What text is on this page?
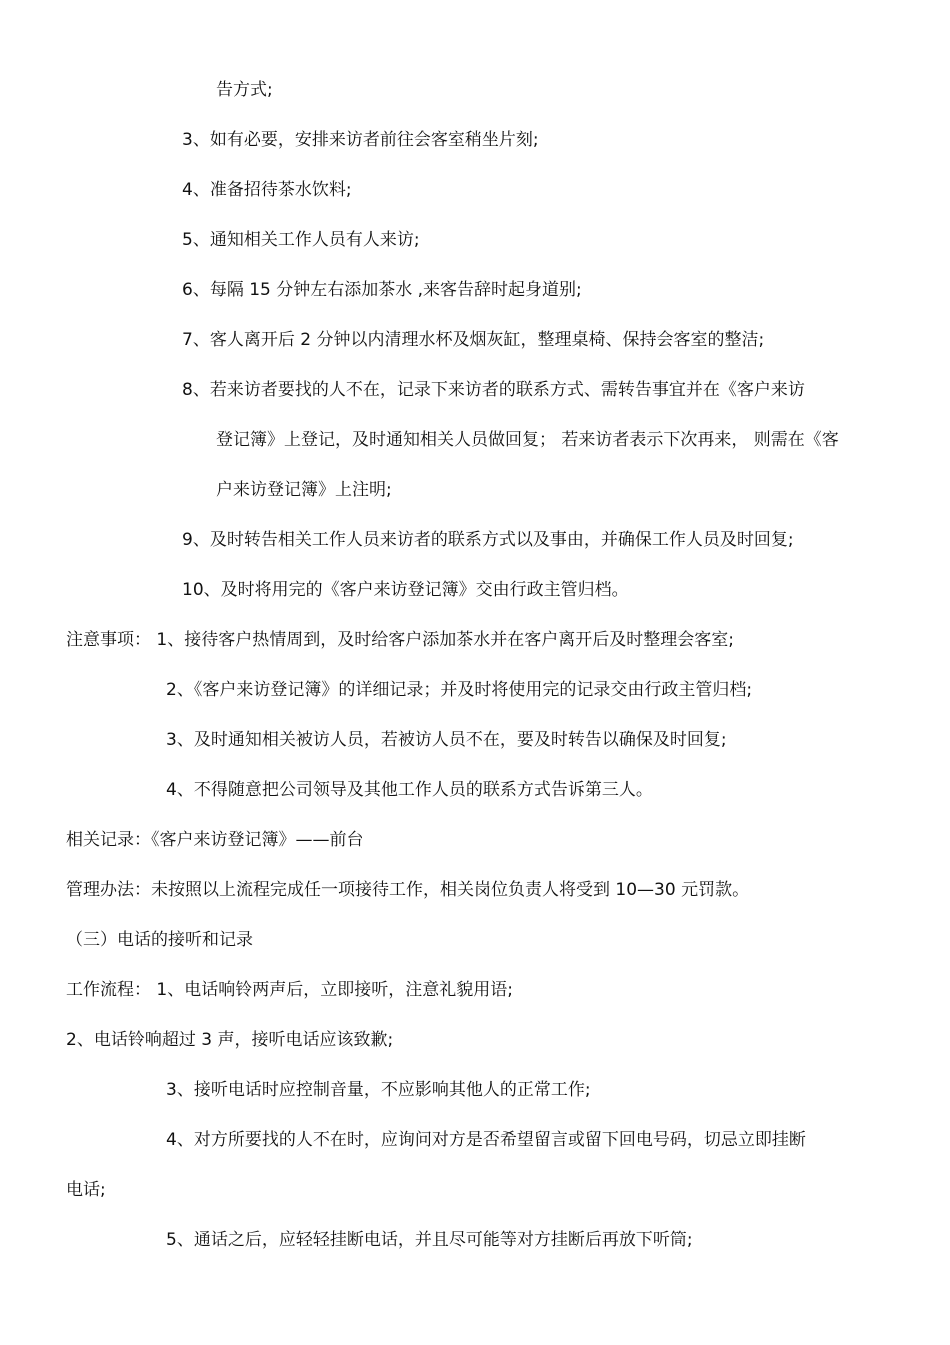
告方式;
3、如有必要，安排来访者前往会客室稍坐片刻;
4、准备招待茶水饮料;
5、通知相关工作人员有人来访;
6、每隔 15 分钟左右添加茶水 ,来客告辞时起身道别;
7、客人离开后 2 分钟以内清理水杯及烟灰缸，整理桌椅、保持会客室的整洁;
8、若来访者要找的人不在，记录下来访者的联系方式、需转告事宜并在《客户来访
登记簿》上登记，及时通知相关人员做回复； 若来访者表示下次再来， 则需在《客
户来访登记簿》上注明;
9、及时转告相关工作人员来访者的联系方式以及事由，并确保工作人员及时回复;
10、及时将用完的《客户来访登记簿》交由行政主管归档。
注意事项： 1、接待客户热情周到，及时给客户添加茶水并在客户离开后及时整理会客室;
2、《客户来访登记簿》的详细记录；并及时将使用完的记录交由行政主管归档;
3、及时通知相关被访人员，若被访人员不在，要及时转告以确保及时回复;
4、不得随意把公司领导及其他工作人员的联系方式告诉第三人。
相关记录：《客户来访登记簿》——前台
管理办法：未按照以上流程完成任一项接待工作，相关岗位负责人将受到 10—30 元罚款。
（三）电话的接听和记录
工作流程： 1、电话响铃两声后，立即接听，注意礼貌用语;
2、电话铃响超过 3 声，接听电话应该致歉;
3、接听电话时应控制音量，不应影响其他人的正常工作;
4、对方所要找的人不在时，应询问对方是否希望留言或留下回电号码，切忌立即挂断
电话;
5、通话之后，应轻轻挂断电话，并且尽可能等对方挂断后再放下听筒;
